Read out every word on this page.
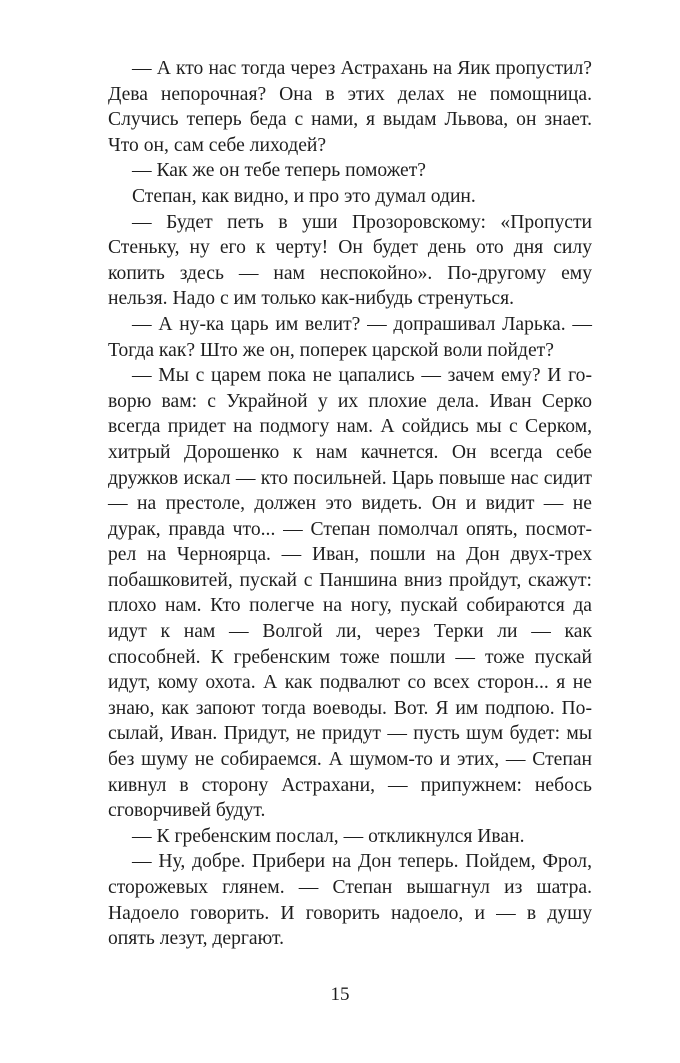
— А кто нас тогда через Астрахань на Яик пропустил? Дева непорочная? Она в этих делах не помощница. Случись теперь беда с нами, я выдам Львова, он знает. Что он, сам себе лиходей?

— Как же он тебе теперь поможет?

Степан, как видно, и про это думал один.

— Будет петь в уши Прозоровскому: «Пропусти Стеньку, ну его к черту! Он будет день ото дня силу копить здесь — нам неспокойно». По-другому ему нельзя. Надо с им только как-нибудь стренуться.

— А ну-ка царь им велит? — допрашивал Ларька. — Тогда как? Што же он, поперек царской воли пойдет?

— Мы с царем пока не цапались — зачем ему? И говорю вам: с Украйной у их плохие дела. Иван Серко всегда придет на подмогу нам. А сойдись мы с Серком, хитрый Дорошенко к нам качнется. Он всегда себе дружков искал — кто посильней. Царь повыше нас сидит — на престоле, должен это видеть. Он и видит — не дурак, правда что... — Степан помолчал опять, посмотрел на Черноярца. — Иван, пошли на Дон двух-трех побашковитей, пускай с Паншина вниз пройдут, скажут: плохо нам. Кто полегче на ногу, пускай собираются да идут к нам — Волгой ли, через Терки ли — как способней. К гребенским тоже пошли — тоже пускай идут, кому охота. А как подвалют со всех сторон... я не знаю, как запоют тогда воеводы. Вот. Я им подпою. Посылай, Иван. Придут, не придут — пусть шум будет: мы без шуму не собираемся. А шумом-то и этих, — Степан кивнул в сторону Астрахани, — припужнем: небось сговорчивей будут.

— К гребенским послал, — откликнулся Иван.

— Ну, добре. Прибери на Дон теперь. Пойдем, Фрол, сторожевых глянем. — Степан вышагнул из шатра. Надоело говорить. И говорить надоело, и — в душу опять лезут, дергают.

15
